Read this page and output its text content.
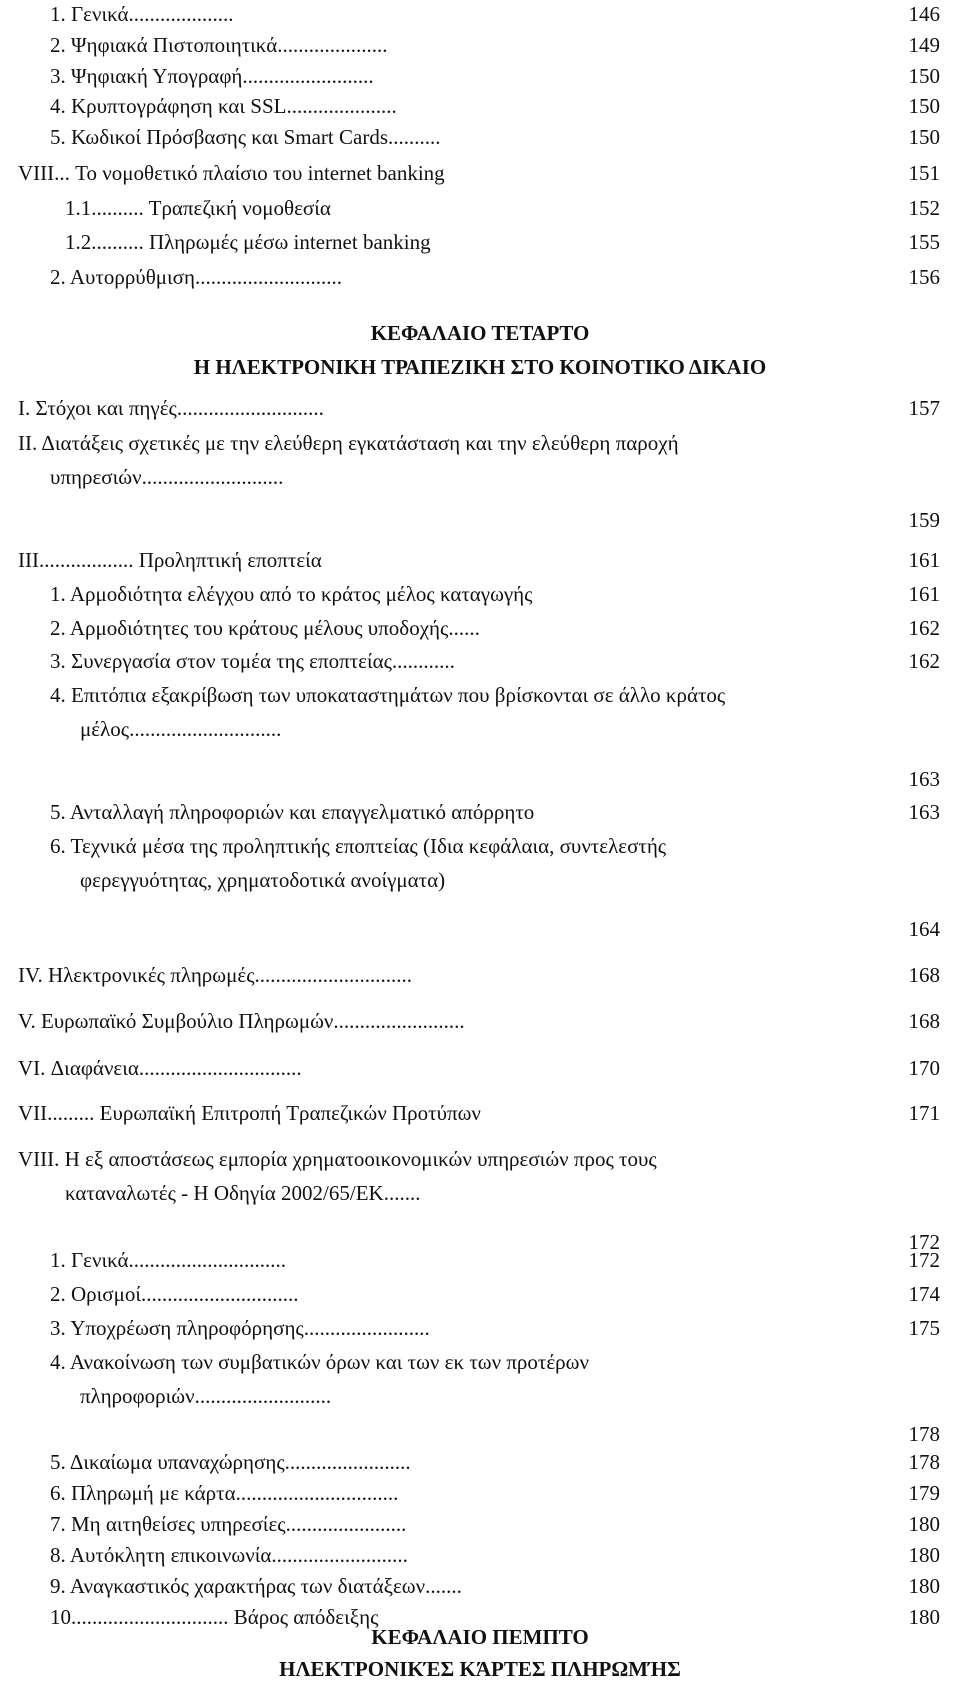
1. Γενικά....................	146
2. Ψηφιακά Πιστοποιητικά.....................	149
3. Ψηφιακή Υπογραφή.........................	150
4. Κρυπτογράφηση και SSL.....................	150
5. Κωδικοί Πρόσβασης και Smart Cards..........	150
VIII... Το νομοθετικό πλαίσιο του internet banking	151
1.1.......... Τραπεζική νομοθεσία	152
1.2.......... Πληρωμές μέσω internet banking	155
2. Αυτορρύθμιση............................	156
ΚΕΦΑΛΑΙΟ ΤΕΤΑΡΤΟ
Η ΗΛΕΚΤΡΟΝΙΚΗ ΤΡΑΠΕΖΙΚΗ ΣΤΟ ΚΟΙΝΟΤΙΚΟ ΔΙΚΑΙΟ
Ι. Στόχοι και πηγές............................	157
ΙΙ. Διατάξεις σχετικές με την ελεύθερη εγκατάσταση και την ελεύθερη παροχή
υπηρεσιών...........................
159
ΙΙΙ.................. Προληπτική εποπτεία	161
1. Αρμοδιότητα ελέγχου από το κράτος μέλος καταγωγής	161
2. Αρμοδιότητες του κράτους μέλους υποδοχής......	162
3. Συνεργασία στον τομέα της εποπτείας............	162
4. Επιτόπια εξακρίβωση των υποκαταστημάτων που βρίσκονται σε άλλο κράτος
μέλος.............................
163
5. Ανταλλαγή πληροφοριών και επαγγελματικό απόρρητο	163
6. Τεχνικά μέσα της προληπτικής εποπτείας (Ιδια κεφάλαια, συντελεστής
φερεγγυότητας, χρηματοδοτικά ανοίγματα)
164
IV. Ηλεκτρονικές πληρωμές..............................	168
V. Ευρωπαϊκό Συμβούλιο Πληρωμών.........................	168
VI. Διαφάνεια...............................	170
VII......... Ευρωπαϊκή Επιτροπή Τραπεζικών Προτύπων	171
VIII. Η εξ αποστάσεως εμπορία χρηματοοικονομικών υπηρεσιών προς τους
καταναλωτές - Η Οδηγία 2002/65/ΕΚ.......
172
1. Γενικά..............................	172
2. Ορισμοί..............................	174
3. Υποχρέωση πληροφόρησης........................	175
4. Ανακοίνωση των συμβατικών όρων και των εκ των προτέρων
πληροφοριών..........................
178
5. Δικαίωμα υπαναχώρησης........................	178
6. Πληρωμή με κάρτα...............................	179
7. Μη αιτηθείσες υπηρεσίες.......................	180
8. Αυτόκλητη επικοινωνία..........................	180
9. Αναγκαστικός χαρακτήρας των διατάξεων.......	180
10.............................. Βάρος απόδειξης	180
ΚΕΦΑΛΑΙΟ ΠΕΜΠΤΟ
ΗΛΕΚΤΡΟΝΙΚΈΣ ΚΆΡΤΕΣ ΠΛΗΡΩΜΉΣ
